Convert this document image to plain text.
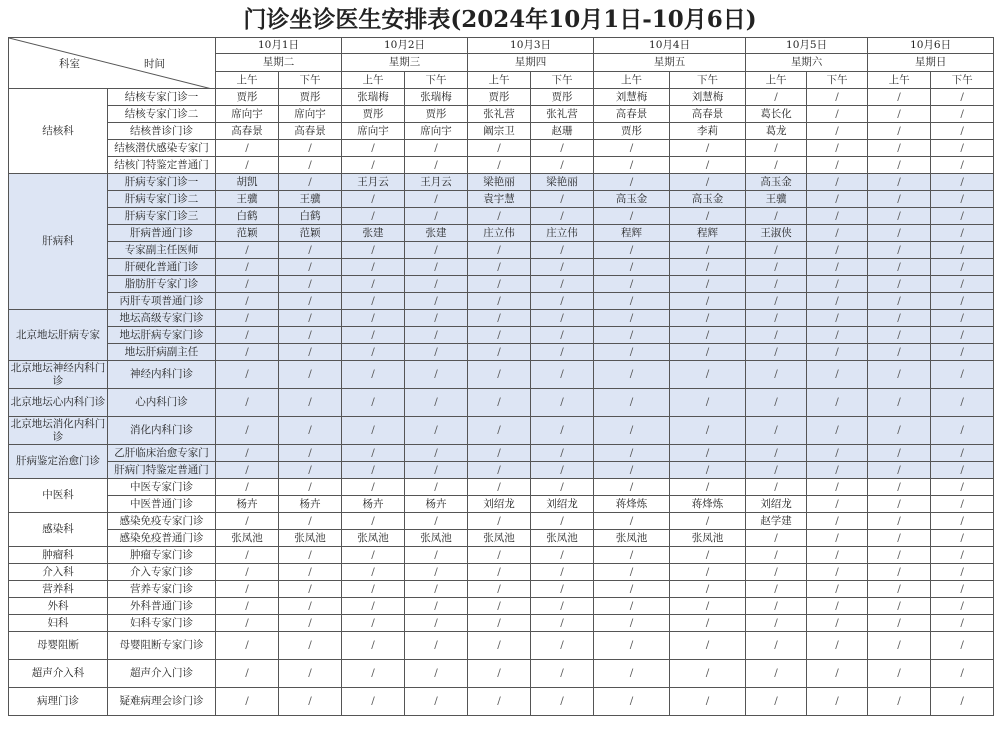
门诊坐诊医生安排表(2024年10月1日-10月6日)
科室 时间		10月1日		10月2日		10月3日		10月4日		10月5日		10月6日	
		星期二		星期三		星期四		星期五		星期六		星期日	
		上午	下午	上午	下午	上午	下午	上午	下午	上午	下午	上午	下午
结核科	结核专家门诊一	贾彤	贾彤	张瑞梅	张瑞梅	贾彤	贾彤	刘慧梅	刘慧梅	/	/	/	/
	结核专家门诊二	席向宇	席向宇	贾彤	贾彤	张礼营	张礼营	高春景	高春景	葛长化	/	/	/
	结核普诊门诊	高春景	高春景	席向宇	席向宇	阚宗卫	赵珊	贾彤	李莉	葛龙	/	/	/
	结核潜伏感染专家门	/	/	/	/	/	/	/	/	/	/	/	/
	结核门特鉴定普通门	/	/	/	/	/	/	/	/	/	/	/	/
肝病科	肝病专家门诊一	胡凯	/	王月云	王月云	梁艳丽	梁艳丽	/	/	高玉金	/	/	/
	肝病专家门诊二	王骥	王骥	/	/	袁宇慧	/	高玉金	高玉金	王骥	/	/	/
	肝病专家门诊三	白鹤	白鹤	/	/	/	/	/	/	/	/	/	/
	肝病普通门诊	范颖	范颖	张建	张建	庄立伟	庄立伟	程辉	程辉	王淑侠	/	/	/
	专家副主任医师	/	/	/	/	/	/	/	/	/	/	/	/
	肝硬化普通门诊	/	/	/	/	/	/	/	/	/	/	/	/
	脂肪肝专家门诊	/	/	/	/	/	/	/	/	/	/	/	/
	丙肝专项普通门诊	/	/	/	/	/	/	/	/	/	/	/	/
北京地坛肝病专家	地坛高级专家门诊	/	/	/	/	/	/	/	/	/	/	/	/
	地坛肝病专家门诊	/	/	/	/	/	/	/	/	/	/	/	/
	地坛肝病副主任	/	/	/	/	/	/	/	/	/	/	/	/
北京地坛神经内科门诊	神经内科门诊	/	/	/	/	/	/	/	/	/	/	/	/
北京地坛心内科门诊	心内科门诊	/	/	/	/	/	/	/	/	/	/	/	/
北京地坛消化内科门诊	消化内科门诊	/	/	/	/	/	/	/	/	/	/	/	/
肝病鉴定治愈门诊	乙肝临床治愈专家门	/	/	/	/	/	/	/	/	/	/	/	/
	肝病门特鉴定普通门	/	/	/	/	/	/	/	/	/	/	/	/
中医科	中医专家门诊	/	/	/	/	/	/	/	/	/	/	/	/
	中医普通门诊	杨卉	杨卉	杨卉	杨卉	刘绍龙	刘绍龙	蒋烽炼	蒋烽炼	刘绍龙	/	/	/
感染科	感染免疫专家门诊	/	/	/	/	/	/	/	/	赵学建	/	/	/
	感染免疫普通门诊	张凤池	张凤池	张凤池	张凤池	张凤池	张凤池	张凤池	张凤池	/	/	/	/
肿瘤科	肿瘤专家门诊	/	/	/	/	/	/	/	/	/	/	/	/
介入科	介入专家门诊	/	/	/	/	/	/	/	/	/	/	/	/
营养科	营养专家门诊	/	/	/	/	/	/	/	/	/	/	/	/
外科	外科普通门诊	/	/	/	/	/	/	/	/	/	/	/	/
妇科	妇科专家门诊	/	/	/	/	/	/	/	/	/	/	/	/
母婴阻断	母婴阻断专家门诊	/	/	/	/	/	/	/	/	/	/	/	/
超声介入科	超声介入门诊	/	/	/	/	/	/	/	/	/	/	/	/
病理门诊	疑难病理会诊门诊	/	/	/	/	/	/	/	/	/	/	/	/
